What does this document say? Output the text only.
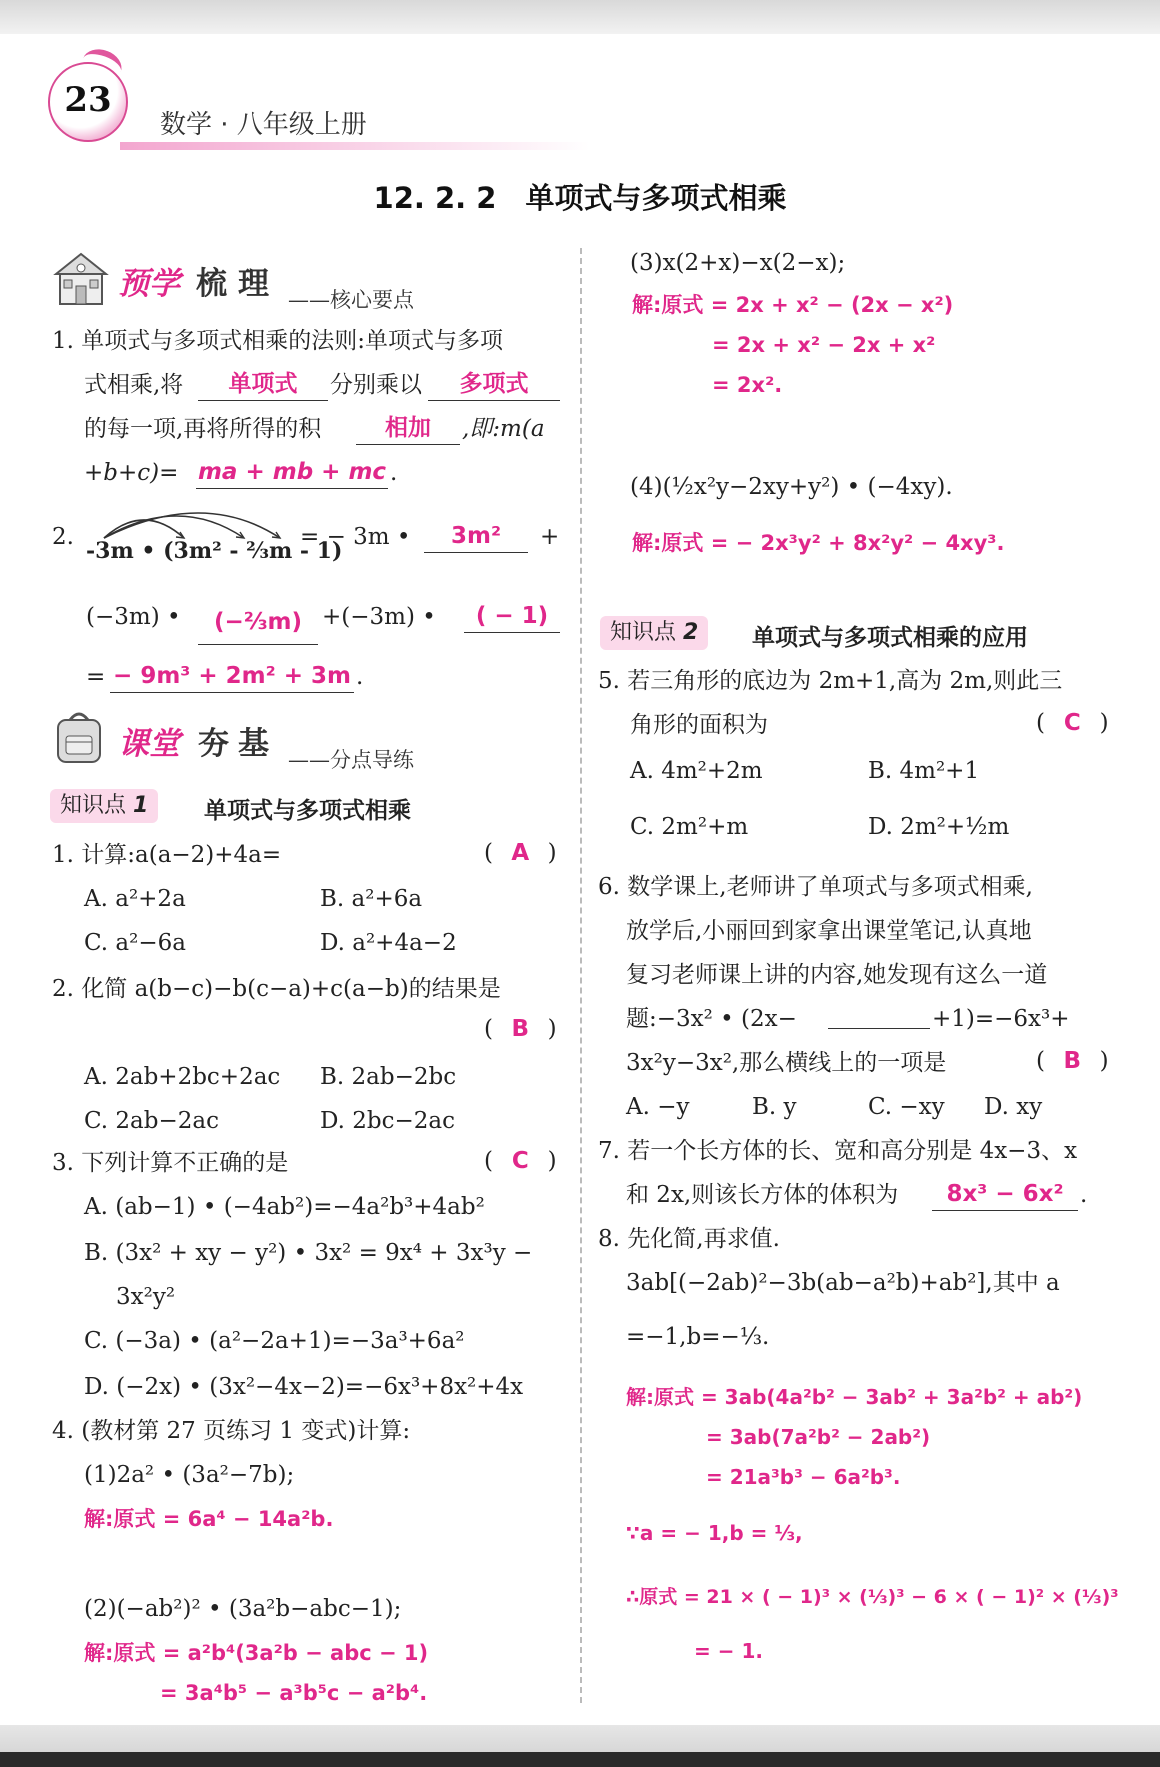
23
数学 · 八年级上册
12. 2. 2　单项式与多项式相乘
预学 梳 理 ——核心要点
1. 单项式与多项式相乘的法则:单项式与多项
式相乘,将	单项式	分别乘以	多项式
的每一项,再将所得的积	相加	,即:m(a
+b+c)= ma + mb + mc .
2.
-3m • (3m² - ⅔m - 1)
= − 3m •	3m²	+
(−3m) •	(−⅔m) +(−3m) •	( − 1)
= − 9m³ + 2m² + 3m .
课堂 夯 基 ——分点导练
知识点 1	单项式与多项式相乘
1. 计算:a(a−2)+4a=	( A )
A. a²+2a	B. a²+6a
C. a²−6a	D. a²+4a−2
2. 化简 a(b−c)−b(c−a)+c(a−b)的结果是
( B )
A. 2ab+2bc+2ac B. 2ab−2bc
C. 2ab−2ac	D. 2bc−2ac
3. 下列计算不正确的是	( C )
A. (ab−1) • (−4ab²)=−4a²b³+4ab²
B. (3x² + xy − y²) • 3x² = 9x⁴ + 3x³y −
3x²y²
C. (−3a) • (a²−2a+1)=−3a³+6a²
D. (−2x) • (3x²−4x−2)=−6x³+8x²+4x
4. (教材第 27 页练习 1 变式)计算:
(1)2a² • (3a²−7b);
解:原式 = 6a⁴ − 14a²b.
(2)(−ab²)² • (3a²b−abc−1);
解:原式 = a²b⁴(3a²b − abc − 1)
= 3a⁴b⁵ − a³b⁵c − a²b⁴.
(3)x(2+x)−x(2−x);
解:原式 = 2x + x² − (2x − x²)
= 2x + x² − 2x + x²
= 2x².
(4)(½x²y−2xy+y²) • (−4xy).
解:原式 = − 2x³y² + 8x²y² − 4xy³.
知识点 2	单项式与多项式相乘的应用
5. 若三角形的底边为 2m+1,高为 2m,则此三
角形的面积为	( C )
A. 4m²+2m	B. 4m²+1
C. 2m²+m	D. 2m²+½m
6. 数学课上,老师讲了单项式与多项式相乘,
放学后,小丽回到家拿出课堂笔记,认真地
复习老师课上讲的内容,她发现有这么一道
题:−3x² • (2x−	+1)=−6x³+
3x²y−3x²,那么横线上的一项是	( B )
A. −y	B. y	C. −xy D. xy
7. 若一个长方体的长、宽和高分别是 4x−3、x
和 2x,则该长方体的体积为	8x³ − 6x² .
8. 先化简,再求值.
3ab[(−2ab)²−3b(ab−a²b)+ab²],其中 a
=−1,b=−⅓.
解:原式 = 3ab(4a²b² − 3ab² + 3a²b² + ab²)
= 3ab(7a²b² − 2ab²)
= 21a³b³ − 6a²b³.
∵a = − 1,b = ⅓,
∴原式 = 21 × ( − 1)³ × (⅓)³ − 6 × ( − 1)² × (⅓)³
= − 1.
